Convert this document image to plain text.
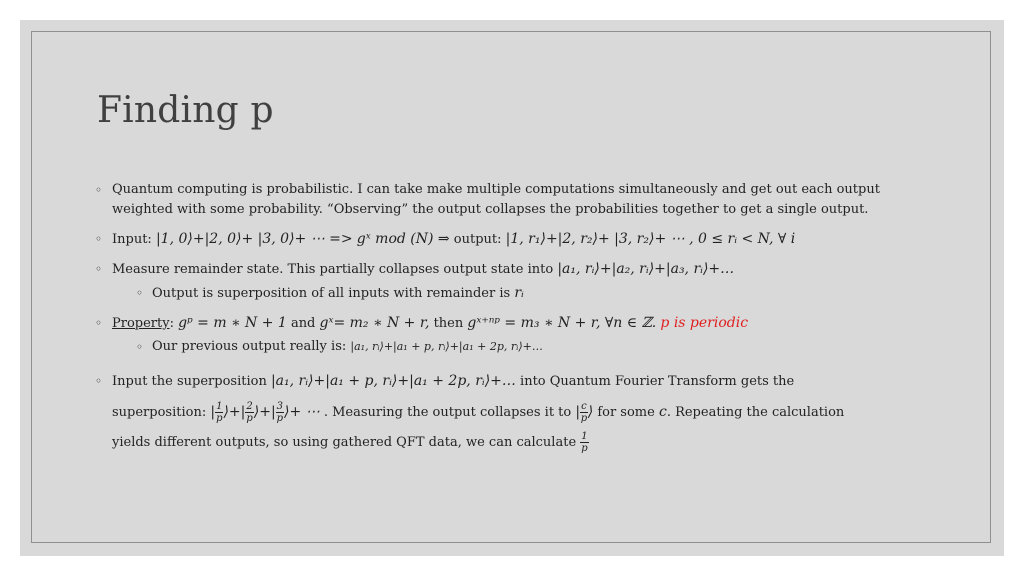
Finding p
◦ Quantum computing is probabilistic. I can take make multiple computations simultaneously and get out each output weighted with some probability. “Observing” the output collapses the probabilities together to get a single output.
◦ Input: |1, 0⟩+|2, 0⟩+ |3, 0⟩+ ⋯ => gˣ mod (N) ⇒ output: |1, r₁⟩+|2, r₂⟩+ |3, r₂⟩+ ⋯ , 0 ≤ rᵢ < N, ∀ i
◦ Measure remainder state. This partially collapses output state into |a₁, rᵢ⟩+|a₂, rᵢ⟩+|a₃, rᵢ⟩+…
◦ Output is superposition of all inputs with remainder is rᵢ
◦ Property: gᵖ = m ∗ N + 1 and gˣ= m₂ ∗ N + r, then gˣ⁺ⁿᵖ = m₃ ∗ N + r, ∀n ∈ ℤ. p is periodic
◦ Our previous output really is: |a₁, rᵢ⟩+|a₁ + p, rᵢ⟩+|a₁ + 2p, rᵢ⟩+…
◦ Input the superposition |a₁, rᵢ⟩+|a₁ + p, rᵢ⟩+|a₁ + 2p, rᵢ⟩+… into Quantum Fourier Transform gets the
superposition: | $\frac{1}{p}$ ⟩+| $\frac{2}{p}$ ⟩+| $\frac{3}{p}$ ⟩+ ⋯ . Measuring the output collapses it to | $\frac{c}{p}$ ⟩ for some c. Repeating the calculation
yields different outputs, so using gathered QFT data, we can calculate $\frac{1}{p}$
